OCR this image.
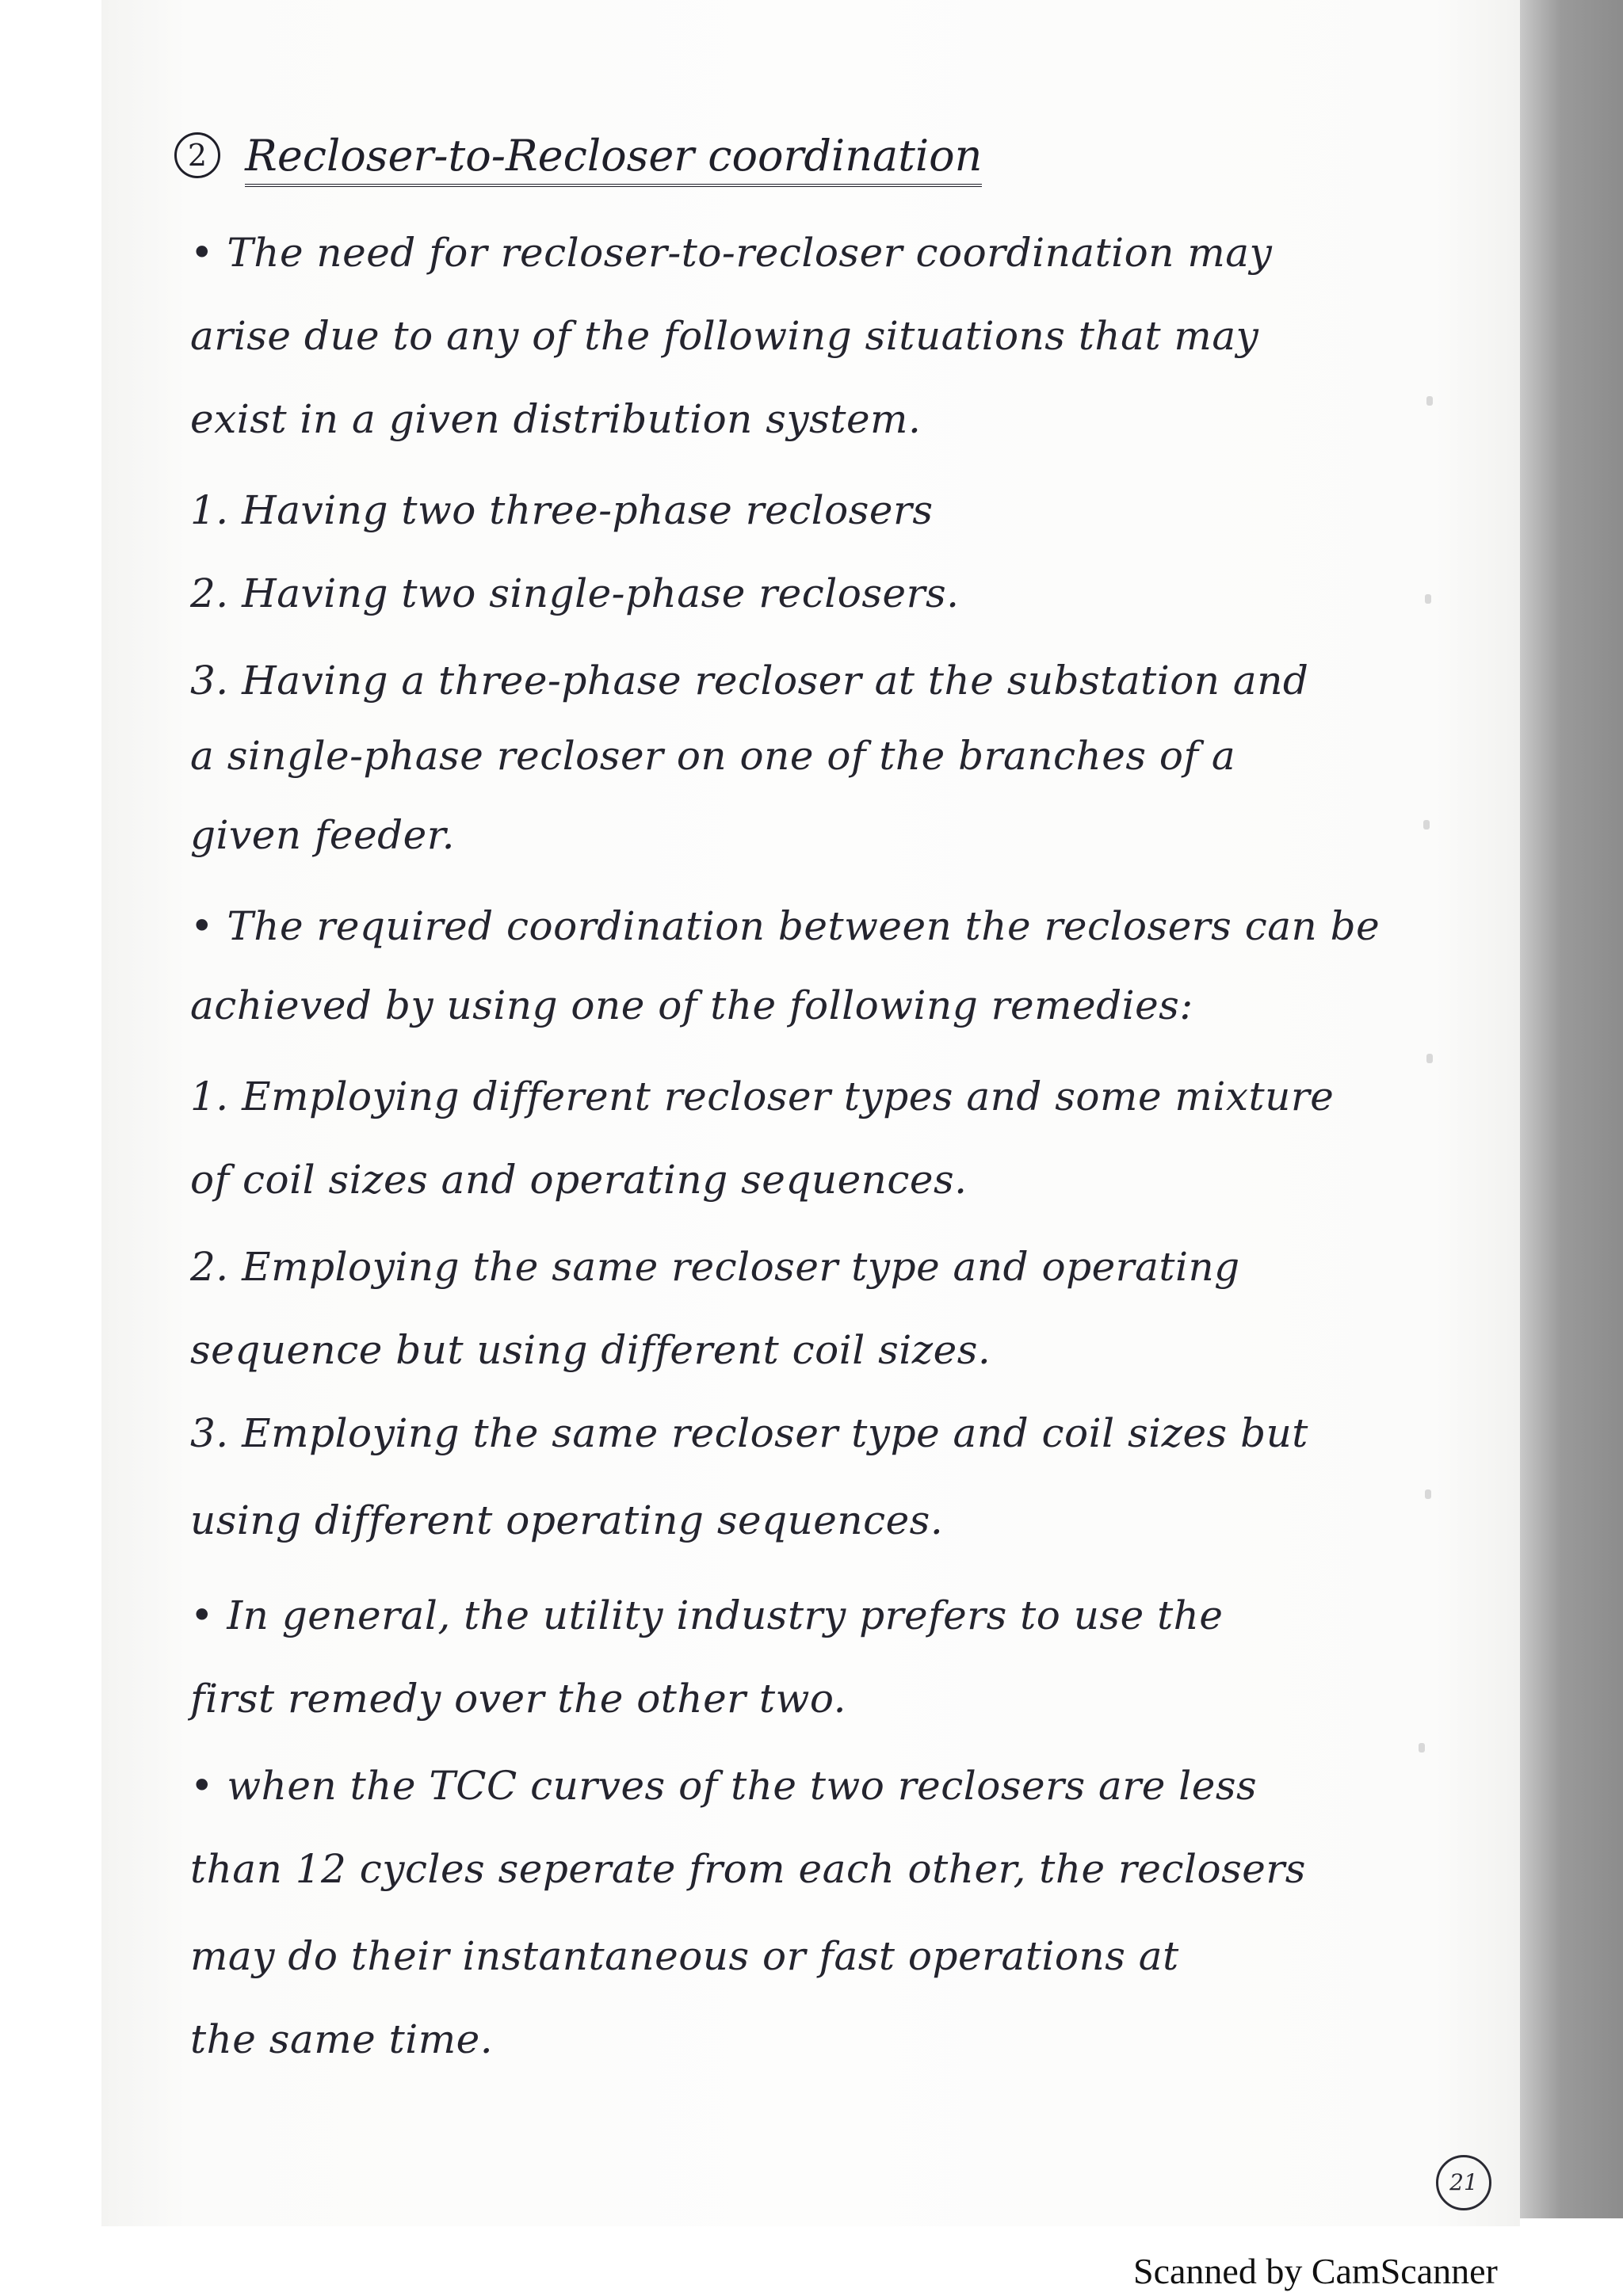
2 Recloser-to-Recloser coordination
• The need for recloser-to-recloser coordination may
arise due to any of the following situations that may
exist in a given distribution system.
1. Having two three-phase reclosers
2. Having two single-phase reclosers.
3. Having a three-phase recloser at the substation and
a single-phase recloser on one of the branches of a
given feeder.
• The required coordination between the reclosers can be
achieved by using one of the following remedies:
1. Employing different recloser types and some mixture
of coil sizes and operating sequences.
2. Employing the same recloser type and operating
sequence but using different coil sizes.
3. Employing the same recloser type and coil sizes but
using different operating sequences.
• In general, the utility industry prefers to use the
first remedy over the other two.
• when the TCC curves of the two reclosers are less
than 12 cycles seperate from each other, the reclosers
may do their instantaneous or fast operations at
the same time.
21
Scanned by CamScanner
